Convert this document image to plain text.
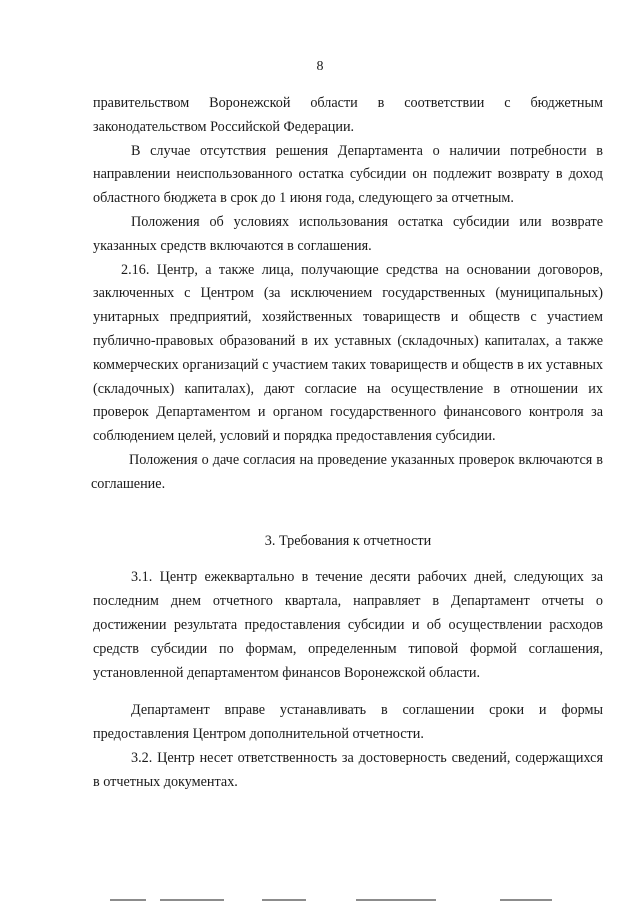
8

правительством Воронежской области в соответствии с бюджетным законодательством Российской Федерации.

В случае отсутствия решения Департамента о наличии потребности в направлении неиспользованного остатка субсидии он подлежит возврату в доход областного бюджета в срок до 1 июня года, следующего за отчетным.

Положения об условиях использования остатка субсидии или возврате указанных средств включаются в соглашения.

2.16. Центр, а также лица, получающие средства на основании договоров, заключенных с Центром (за исключением государственных (муниципальных) унитарных предприятий, хозяйственных товариществ и обществ с участием публично-правовых образований в их уставных (складочных) капиталах, а также коммерческих организаций с участием таких товариществ и обществ в их уставных (складочных) капиталах), дают согласие на осуществление в отношении их проверок Департаментом и органом государственного финансового контроля за соблюдением целей, условий и порядка предоставления субсидии.

Положения о даче согласия на проведение указанных проверок включаются в соглашение.

3. Требования к отчетности

3.1. Центр ежеквартально в течение десяти рабочих дней, следующих за последним днем отчетного квартала, направляет в Департамент отчеты о достижении результата предоставления субсидии и об осуществлении расходов средств субсидии по формам, определенным типовой формой соглашения, установленной департаментом финансов Воронежской области.

Департамент вправе устанавливать в соглашении сроки и формы предоставления Центром дополнительной отчетности.

3.2. Центр несет ответственность за достоверность сведений, содержащихся в отчетных документах.
